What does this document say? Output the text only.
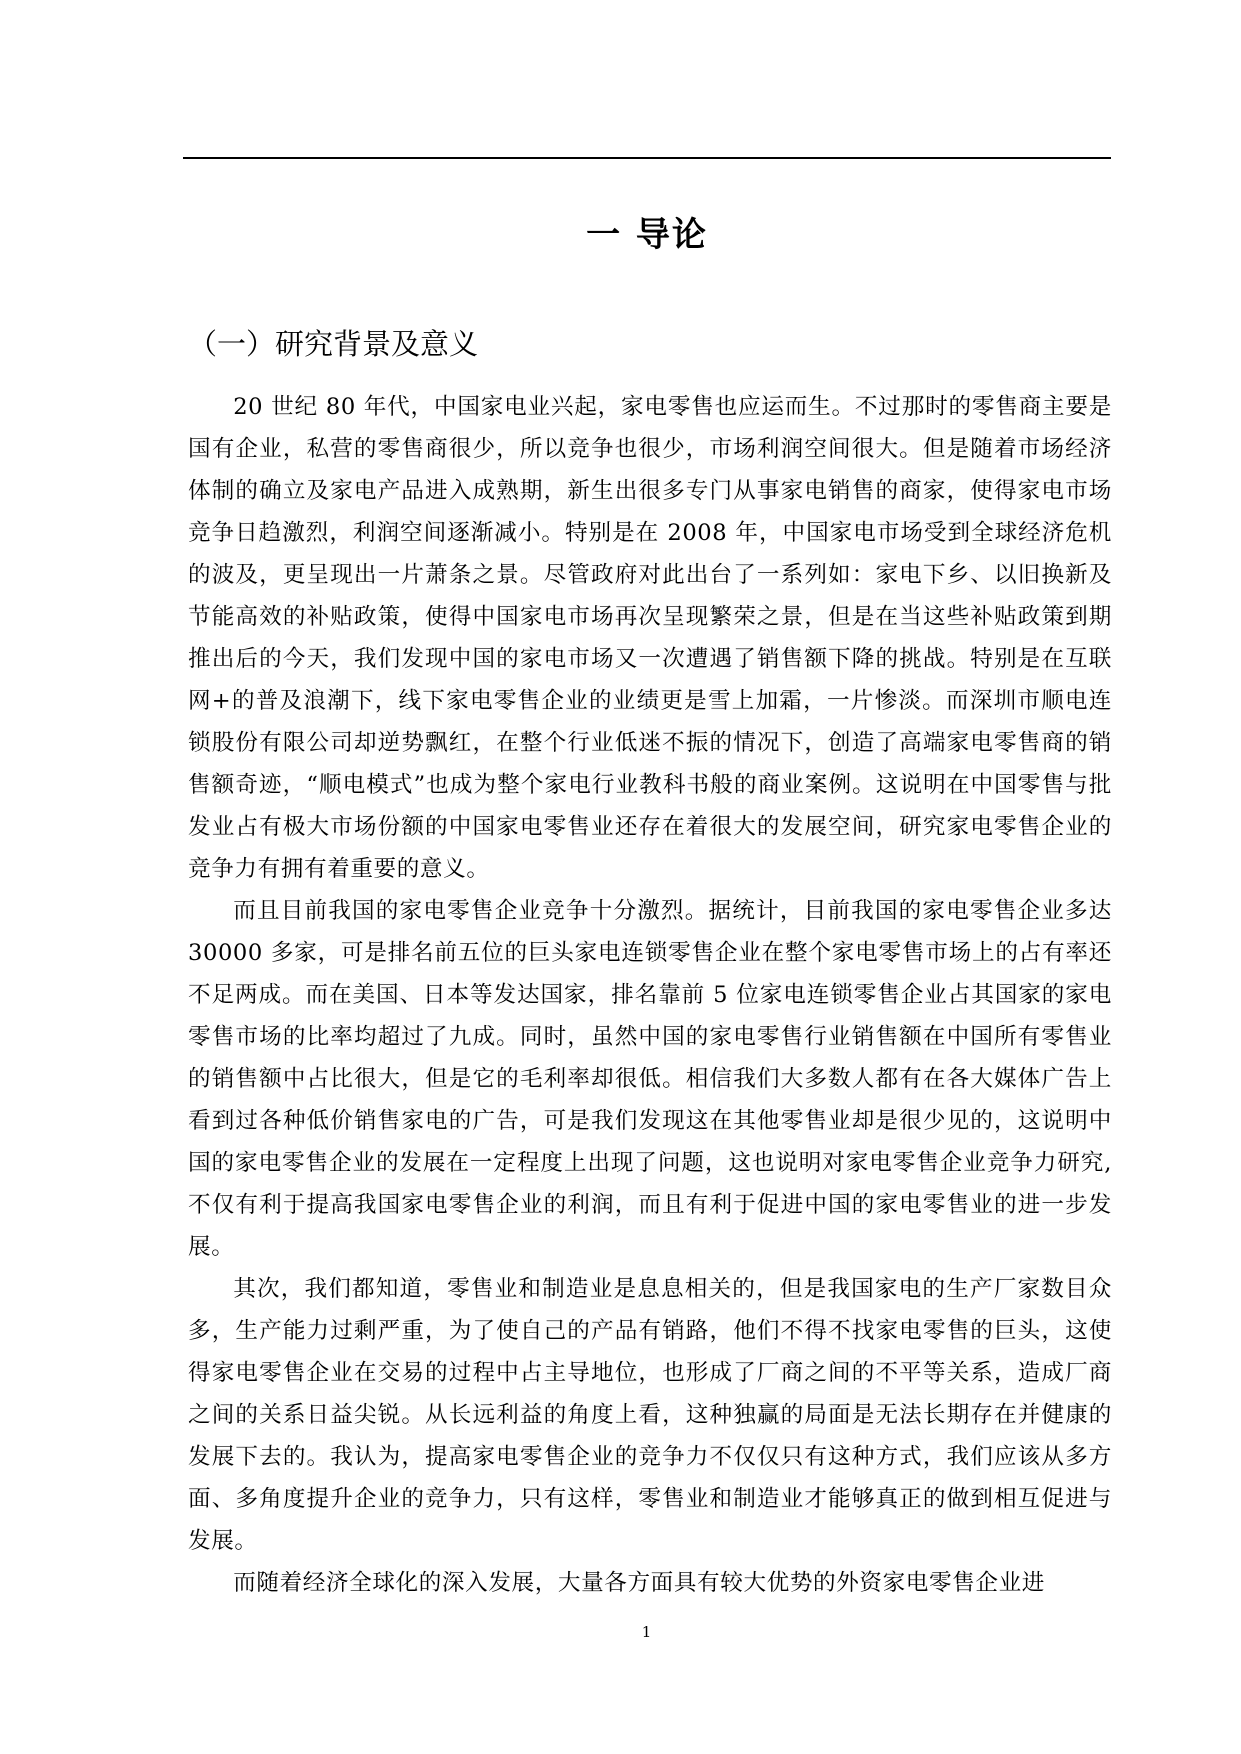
一 导论
（一）研究背景及意义

20 世纪 80 年代，中国家电业兴起，家电零售也应运而生。不过那时的零售商主要是国有企业，私营的零售商很少，所以竞争也很少，市场利润空间很大。但是随着市场经济体制的确立及家电产品进入成熟期，新生出很多专门从事家电销售的商家，使得家电市场竞争日趋激烈，利润空间逐渐减小。特别是在 2008 年，中国家电市场受到全球经济危机的波及，更呈现出一片萧条之景。尽管政府对此出台了一系列如：家电下乡、以旧换新及节能高效的补贴政策，使得中国家电市场再次呈现繁荣之景，但是在当这些补贴政策到期推出后的今天，我们发现中国的家电市场又一次遭遇了销售额下降的挑战。特别是在互联网+的普及浪潮下，线下家电零售企业的业绩更是雪上加霜，一片惨淡。而深圳市顺电连锁股份有限公司却逆势飘红，在整个行业低迷不振的情况下，创造了高端家电零售商的销售额奇迹，“顺电模式”也成为整个家电行业教科书般的商业案例。这说明在中国零售与批发业占有极大市场份额的中国家电零售业还存在着很大的发展空间，研究家电零售企业的竞争力有拥有着重要的意义。

而且目前我国的家电零售企业竞争十分激烈。据统计，目前我国的家电零售企业多达 30000 多家，可是排名前五位的巨头家电连锁零售企业在整个家电零售市场上的占有率还不足两成。而在美国、日本等发达国家，排名靠前 5 位家电连锁零售企业占其国家的家电零售市场的比率均超过了九成。同时，虽然中国的家电零售行业销售额在中国所有零售业的销售额中占比很大，但是它的毛利率却很低。相信我们大多数人都有在各大媒体广告上看到过各种低价销售家电的广告，可是我们发现这在其他零售业却是很少见的，这说明中国的家电零售企业的发展在一定程度上出现了问题，这也说明对家电零售企业竞争力研究,不仅有利于提高我国家电零售企业的利润，而且有利于促进中国的家电零售业的进一步发展。

其次，我们都知道，零售业和制造业是息息相关的，但是我国家电的生产厂家数目众多，生产能力过剩严重，为了使自己的产品有销路，他们不得不找家电零售的巨头，这使得家电零售企业在交易的过程中占主导地位，也形成了厂商之间的不平等关系，造成厂商之间的关系日益尖锐。从长远利益的角度上看，这种独赢的局面是无法长期存在并健康的发展下去的。我认为，提高家电零售企业的竞争力不仅仅只有这种方式，我们应该从多方面、多角度提升企业的竞争力，只有这样，零售业和制造业才能够真正的做到相互促进与发展。

而随着经济全球化的深入发展，大量各方面具有较大优势的外资家电零售企业进

1
